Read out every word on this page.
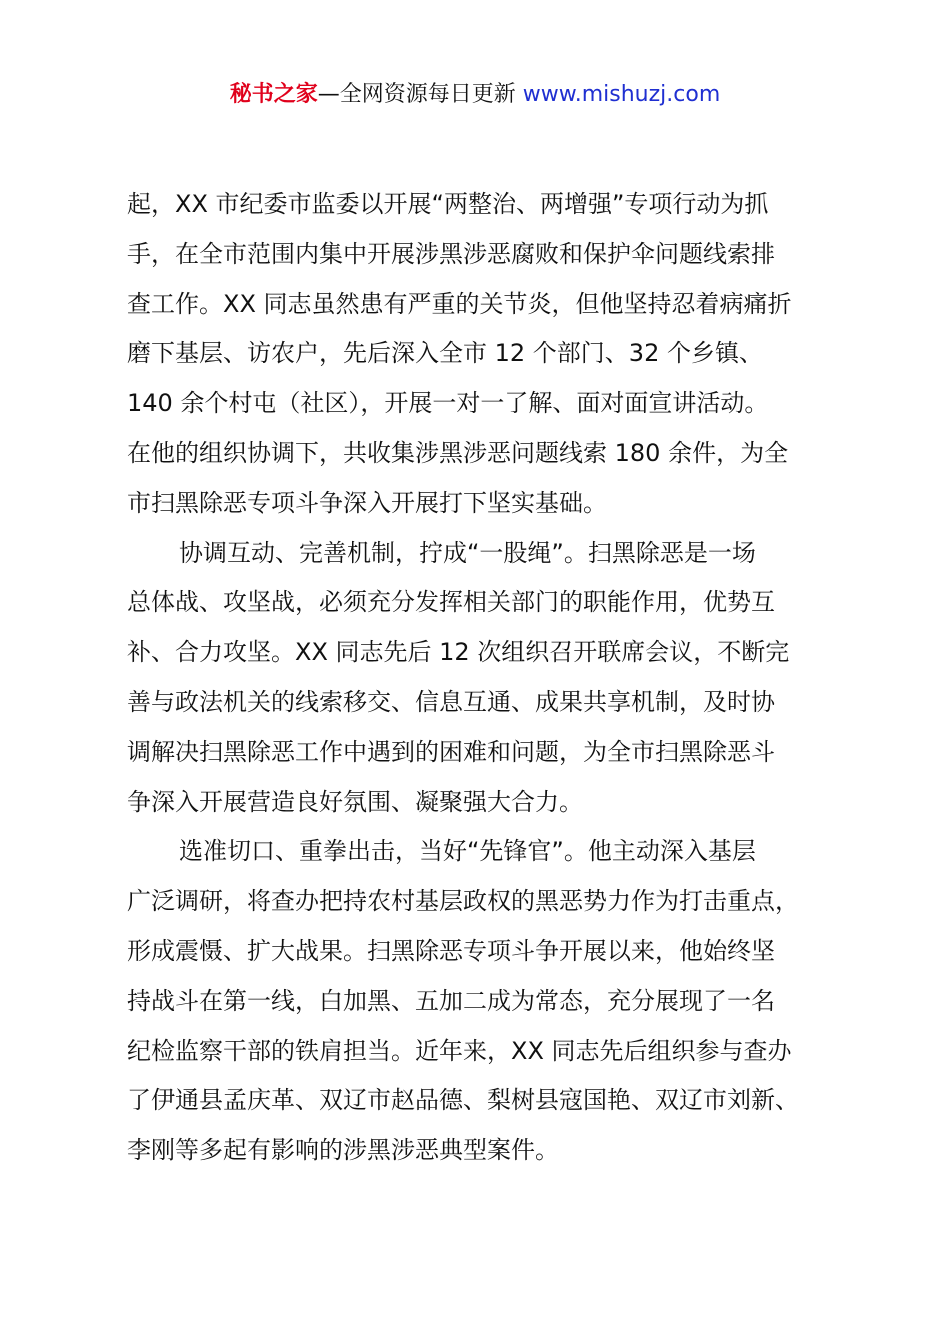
秘书之家—全网资源每日更新 www.mishuzj.com
起，XX 市纪委市监委以开展“两整治、两增强”专项行动为抓
手，在全市范围内集中开展涉黑涉恶腐败和保护伞问题线索排
查工作。XX 同志虽然患有严重的关节炎，但他坚持忍着病痛折
磨下基层、访农户，先后深入全市 12 个部门、32 个乡镇、
140 余个村屯（社区），开展一对一了解、面对面宣讲活动。
在他的组织协调下，共收集涉黑涉恶问题线索 180 余件，为全
市扫黑除恶专项斗争深入开展打下坚实基础。
协调互动、完善机制，拧成“一股绳”。扫黑除恶是一场
总体战、攻坚战，必须充分发挥相关部门的职能作用，优势互
补、合力攻坚。XX 同志先后 12 次组织召开联席会议，不断完
善与政法机关的线索移交、信息互通、成果共享机制，及时协
调解决扫黑除恶工作中遇到的困难和问题，为全市扫黑除恶斗
争深入开展营造良好氛围、凝聚强大合力。
选准切口、重拳出击，当好“先锋官”。他主动深入基层
广泛调研，将查办把持农村基层政权的黑恶势力作为打击重点，
形成震慑、扩大战果。扫黑除恶专项斗争开展以来，他始终坚
持战斗在第一线，白加黑、五加二成为常态，充分展现了一名
纪检监察干部的铁肩担当。近年来，XX 同志先后组织参与查办
了伊通县孟庆革、双辽市赵品德、梨树县寇国艳、双辽市刘新、
李刚等多起有影响的涉黑涉恶典型案件。
